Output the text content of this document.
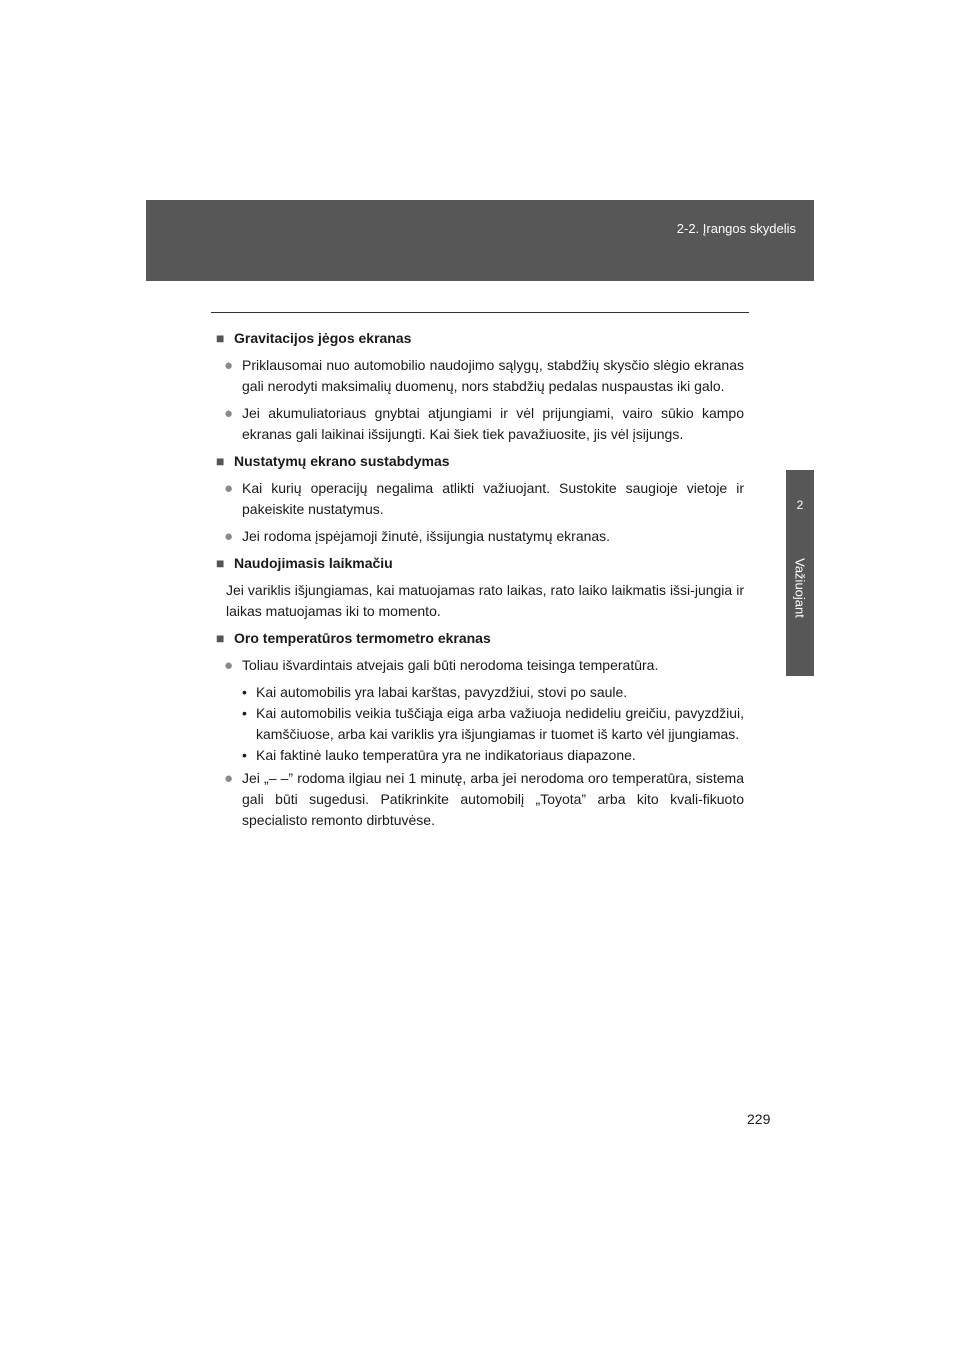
2-2. Įrangos skydelis
2
Važiuojant
■ Gravitacijos jėgos ekranas
● Priklausomai nuo automobilio naudojimo sąlygų, stabdžių skysčio slėgio ekranas gali nerodyti maksimalių duomenų, nors stabdžių pedalas nuspaustas iki galo.
● Jei akumuliatoriaus gnybtai atjungiami ir vėl prijungiami, vairo sūkio kampo ekranas gali laikinai išsijungti. Kai šiek tiek pavažiuosite, jis vėl įsijungs.
■ Nustatymų ekrano sustabdymas
● Kai kurių operacijų negalima atlikti važiuojant. Sustokite saugioje vietoje ir pakeiskite nustatymus.
● Jei rodoma įspėjamoji žinutė, išsijungia nustatymų ekranas.
■ Naudojimasis laikmačiu
Jei variklis išjungiamas, kai matuojamas rato laikas, rato laiko laikmatis išsi-jungia ir laikas matuojamas iki to momento.
■ Oro temperatūros termometro ekranas
● Toliau išvardintais atvejais gali būti nerodoma teisinga temperatūra.
• Kai automobilis yra labai karštas, pavyzdžiui, stovi po saule.
• Kai automobilis veikia tuščiąja eiga arba važiuoja nedideliu greičiu, pavyzdžiui, kamščiuose, arba kai variklis yra išjungiamas ir tuomet iš karto vėl įjungiamas.
• Kai faktinė lauko temperatūra yra ne indikatoriaus diapazone.
● Jei „– –” rodoma ilgiau nei 1 minutę, arba jei nerodoma oro temperatūra, sistema gali būti sugedusi. Patikrinkite automobilį „Toyota” arba kito kvali-fikuoto specialisto remonto dirbtuvėse.
229
